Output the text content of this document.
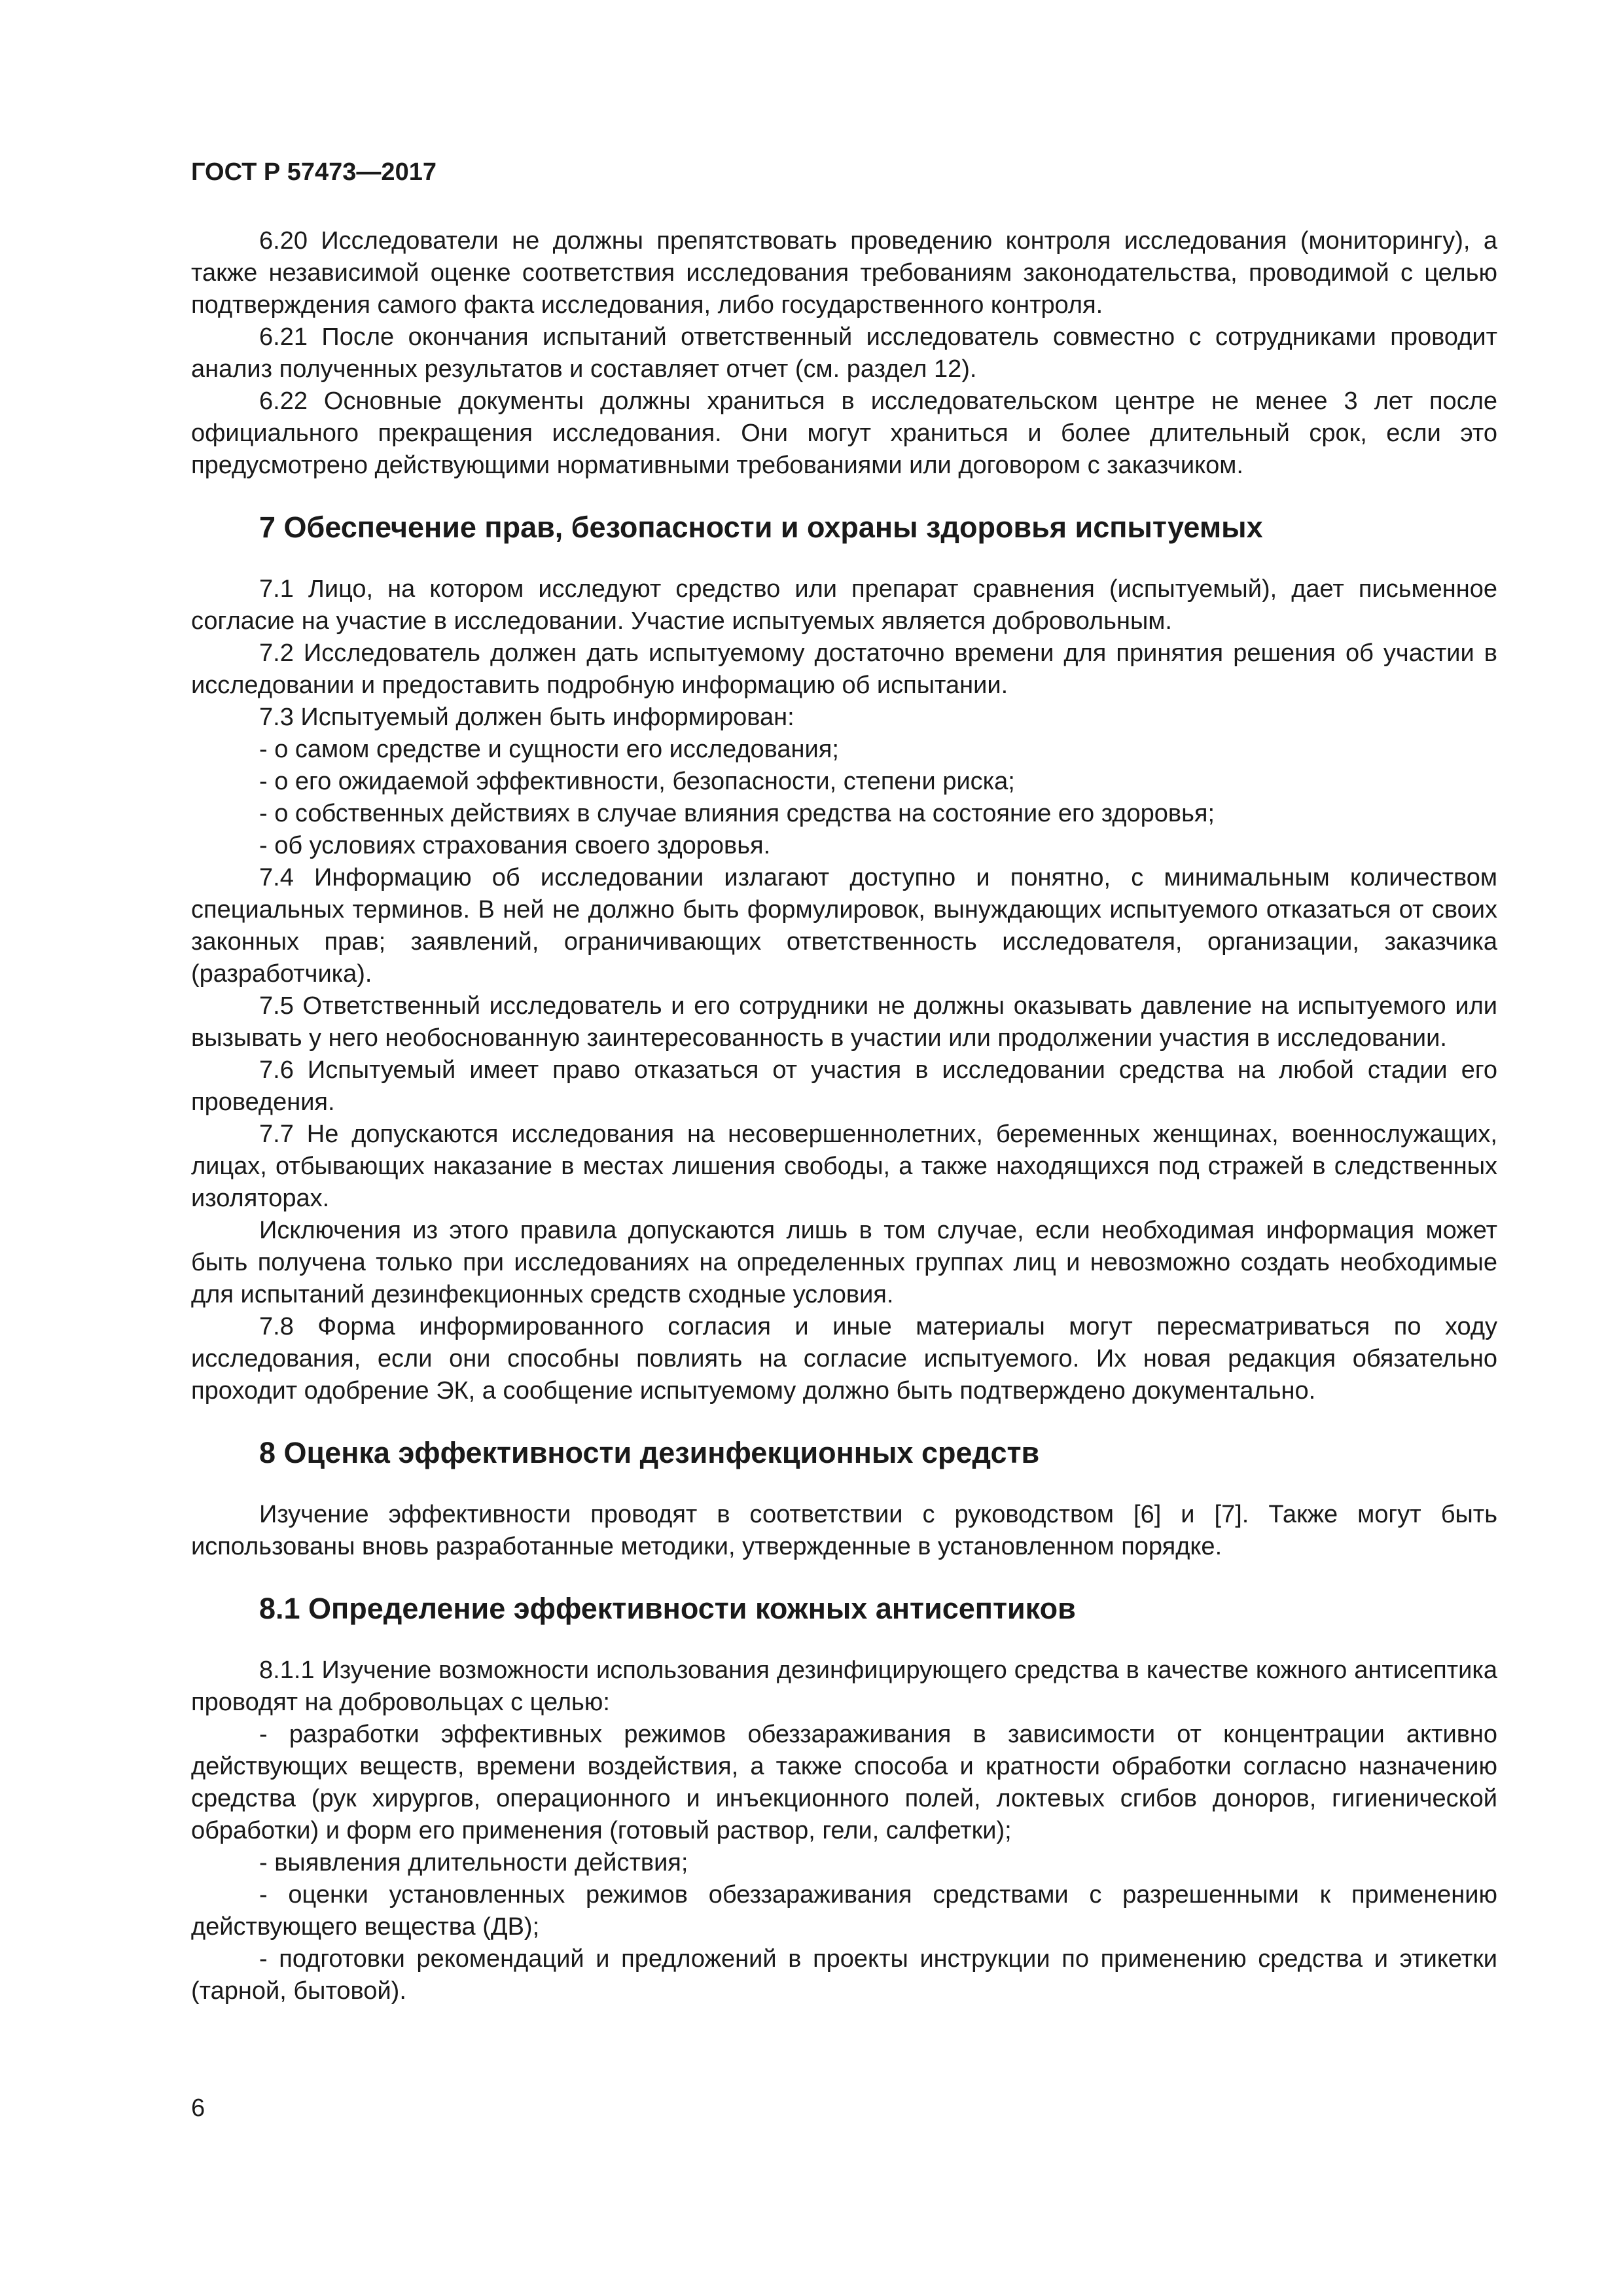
ГОСТ Р 57473—2017

6.20 Исследователи не должны препятствовать проведению контроля исследования (мониторингу), а также независимой оценке соответствия исследования требованиям законодательства, проводимой с целью подтверждения самого факта исследования, либо государственного контроля.

6.21 После окончания испытаний ответственный исследователь совместно с сотрудниками проводит анализ полученных результатов и составляет отчет (см. раздел 12).

6.22 Основные документы должны храниться в исследовательском центре не менее 3 лет после официального прекращения исследования. Они могут храниться и более длительный срок, если это предусмотрено действующими нормативными требованиями или договором с заказчиком.

7 Обеспечение прав, безопасности и охраны здоровья испытуемых

7.1 Лицо, на котором исследуют средство или препарат сравнения (испытуемый), дает письменное согласие на участие в исследовании. Участие испытуемых является добровольным.

7.2 Исследователь должен дать испытуемому достаточно времени для принятия решения об участии в исследовании и предоставить подробную информацию об испытании.

7.3 Испытуемый должен быть информирован:

- о самом средстве и сущности его исследования;

- о его ожидаемой эффективности, безопасности, степени риска;

- о собственных действиях в случае влияния средства на состояние его здоровья;

- об условиях страхования своего здоровья.

7.4 Информацию об исследовании излагают доступно и понятно, с минимальным количеством специальных терминов. В ней не должно быть формулировок, вынуждающих испытуемого отказаться от своих законных прав; заявлений, ограничивающих ответственность исследователя, организации, заказчика (разработчика).

7.5 Ответственный исследователь и его сотрудники не должны оказывать давление на испытуемого или вызывать у него необоснованную заинтересованность в участии или продолжении участия в исследовании.

7.6 Испытуемый имеет право отказаться от участия в исследовании средства на любой стадии его проведения.

7.7 Не допускаются исследования на несовершеннолетних, беременных женщинах, военнослужащих, лицах, отбывающих наказание в местах лишения свободы, а также находящихся под стражей в следственных изоляторах.

Исключения из этого правила допускаются лишь в том случае, если необходимая информация может быть получена только при исследованиях на определенных группах лиц и невозможно создать необходимые для испытаний дезинфекционных средств сходные условия.

7.8 Форма информированного согласия и иные материалы могут пересматриваться по ходу исследования, если они способны повлиять на согласие испытуемого. Их новая редакция обязательно проходит одобрение ЭК, а сообщение испытуемому должно быть подтверждено документально.

8 Оценка эффективности дезинфекционных средств

Изучение эффективности проводят в соответствии с руководством [6] и [7]. Также могут быть использованы вновь разработанные методики, утвержденные в установленном порядке.

8.1 Определение эффективности кожных антисептиков

8.1.1 Изучение возможности использования дезинфицирующего средства в качестве кожного антисептика проводят на добровольцах с целью:

- разработки эффективных режимов обеззараживания в зависимости от концентрации активно действующих веществ, времени воздействия, а также способа и кратности обработки согласно назначению средства (рук хирургов, операционного и инъекционного полей, локтевых сгибов доноров, гигиенической обработки) и форм его применения (готовый раствор, гели, салфетки);

- выявления длительности действия;

- оценки установленных режимов обеззараживания средствами с разрешенными к применению действующего вещества (ДВ);

- подготовки рекомендаций и предложений в проекты инструкции по применению средства и этикетки (тарной, бытовой).

6
